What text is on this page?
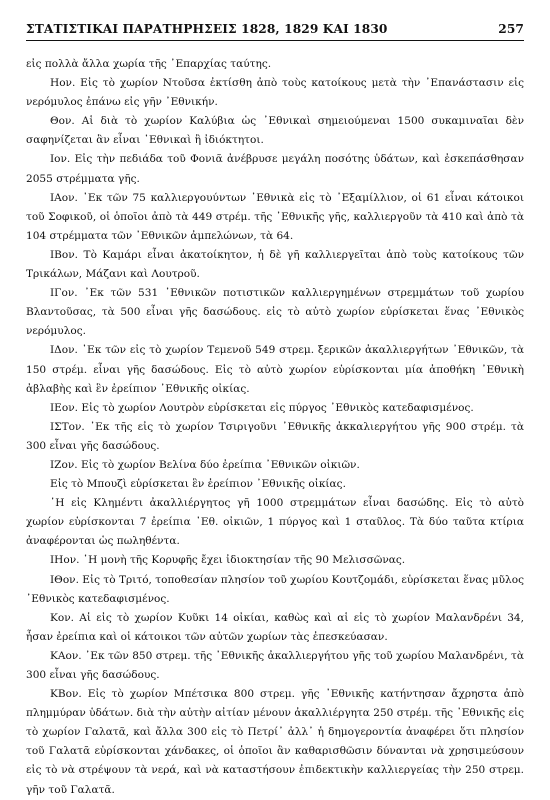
ΣΤΑΤΙΣΤΙΚΑΙ ΠΑΡΑΤΗΡΗΣΕΙΣ 1828, 1829 ΚΑΙ 1830	257

εἰς πολλὰ ἄλλα χωρία τῆς ᾿Επαρχίας ταύτης.

Ηον. Εἰς τὸ χωρίον Ντοῦσα ἐκτίσθη ἀπὸ τοὺς κατοίκους μετὰ τὴν ᾿Επανάστασιν εἰς νερόμυλος ἐπάνω εἰς γῆν ᾿Εθνικήν.

Θον. Αἱ διὰ τὸ χωρίον Καλύβια ὡς ᾿Εθνικαὶ σημειούμεναι 1500 συκαμιναῖαι δὲν σαφηνίζεται ἂν εἶναι ᾿Εθνικαὶ ἢ ἰδιόκτητοι.

Ιον. Εἰς τὴν πεδιάδα τοῦ Φονιᾶ ἀνέβρυσε μεγάλη ποσότης ὑδάτων, καὶ ἐσκεπάσθησαν 2055 στρέμματα γῆς.

ΙΑον. ᾿Εκ τῶν 75 καλλιεργουύντων ᾿Εθνικὰ εἰς τὸ ᾿Εξαμίλλιον, οἱ 61 εἶναι κάτοικοι τοῦ Σοφικοῦ, οἱ ὁποῖοι ἀπὸ τὰ 449 στρέμ. τῆς ᾿Εθνικῆς γῆς, καλλιεργοῦν τὰ 410 καὶ ἀπὸ τὰ 104 στρέμματα τῶν ᾿Εθνικῶν ἀμπελώνων, τὰ 64.

ΙΒον. Τὸ Καμάρι εἶναι ἀκατοίκητον, ἡ δὲ γῆ καλλιεργεῖται ἀπὸ τοὺς κατοίκους τῶν Τρικάλων, Μάζανι καὶ Λουτροῦ.

ΙΓον. ᾿Εκ τῶν 531 ᾿Εθνικῶν ποτιστικῶν καλλιεργημένων στρεμμάτων τοῦ χωρίου Βλαντοῦσας, τὰ 500 εἶναι γῆς δασώδους. εἰς τὸ αὐτὸ χωρίον εὑρίσκεται ἕνας ᾿Εθνικὸς νερόμυλος.

ΙΔον. ᾿Εκ τῶν εἰς τὸ χωρίον Τεμενοῦ 549 στρεμ. ξερικῶν ἀκαλλιεργήτων ᾿Εθνικῶν, τὰ 150 στρέμ. εἶναι γῆς δασώδους. Εἰς τὸ αὐτὸ χωρίον εὑρίσκονται μία ἀποθήκη ᾿Εθνικὴ ἀβλαβὴς καὶ ἓν ἐρείπιον ᾿Εθνικῆς οἰκίας.

ΙΕον. Εἰς τὸ χωρίον Λουτρὸν εὑρίσκεται εἰς πύργος ᾿Εθνικὸς κατεδαφισμένος.

ΙΣΤον. ᾿Εκ τῆς εἰς τὸ χωρίον Τσιριγοῦνι ᾿Εθνικῆς ἀκκαλιεργήτου γῆς 900 στρέμ. τὰ 300 εἶναι γῆς δασώδους.

ΙΖον. Εἰς τὸ χωρίον Βελίνα δύο ἐρείπια ᾿Εθνικῶν οἰκιῶν.

Εἰς τὸ Μπουζὶ εὑρίσκεται ἓν ἐρείπιον ᾿Εθνικῆς οἰκίας.

῾Η εἰς Κλημέντι ἀκαλλιέργητος γῆ 1000 στρεμμάτων εἶναι δασώδης. Εἰς τὸ αὐτὸ χωρίον εὑρίσκονται 7 ἐρείπια ᾿Εθ. οἰκιῶν, 1 πύργος καὶ 1 σταῦλος. Τὰ δύο ταῦτα κτίρια ἀναφέρονται ὡς πωληθέντα.

ΙΗον. ῾Η μονὴ τῆς Κορυφῆς ἔχει ἰδιοκτησίαν τῆς 90 Μελισσῶνας.

ΙΘον. Εἰς τὸ Τριτό, τοποθεσίαν πλησίον τοῦ χωρίου Κουτζομάδι, εὑρίσκεται ἕνας μῦλος ᾿Εθνικὸς κατεδαφισμένος.

Κον. Αἱ εἰς τὸ χωρίον Κυῦκι 14 οἰκίαι, καθὼς καὶ αἱ εἰς τὸ χωρίον Μαλανδρένι 34, ἦσαν ἐρείπια καὶ οἱ κάτοικοι τῶν αὐτῶν χωρίων τὰς ἐπεσκεύασαν.

ΚΑον. ᾿Εκ τῶν 850 στρεμ. τῆς ᾿Εθνικῆς ἀκαλλιεργήτου γῆς τοῦ χωρίου Μαλανδρένι, τὰ 300 εἶναι γῆς δασώδους.

ΚΒον. Εἰς τὸ χωρίον Μπέτσικα 800 στρεμ. γῆς ᾿Εθνικῆς κατήντησαν ἄχρηστα ἀπὸ πλημμύραν ὑδάτων. διὰ τὴν αὐτὴν αἰτίαν μένουν ἀκαλλιέργητα 250 στρέμ. τῆς ᾿Εθνικῆς εἰς τὸ χωρίον Γαλατᾶ, καὶ ἄλλα 300 εἰς τὸ Πετρί᾿ ἀλλ᾿ ἡ δημογεροντία ἀναφέρει ὅτι πλησίον τοῦ Γαλατᾶ εὑρίσκονται χάνδακες, οἱ ὁποῖοι ἂν καθαρισθῶσιν δύνανται νὰ χρησιμεύσουν εἰς τὸ νὰ στρέψουν τὰ νερά, καὶ νὰ καταστήσουν ἐπιδεκτικὴν καλλιεργείας τὴν 250 στρεμ. γῆν τοῦ Γαλατᾶ.
